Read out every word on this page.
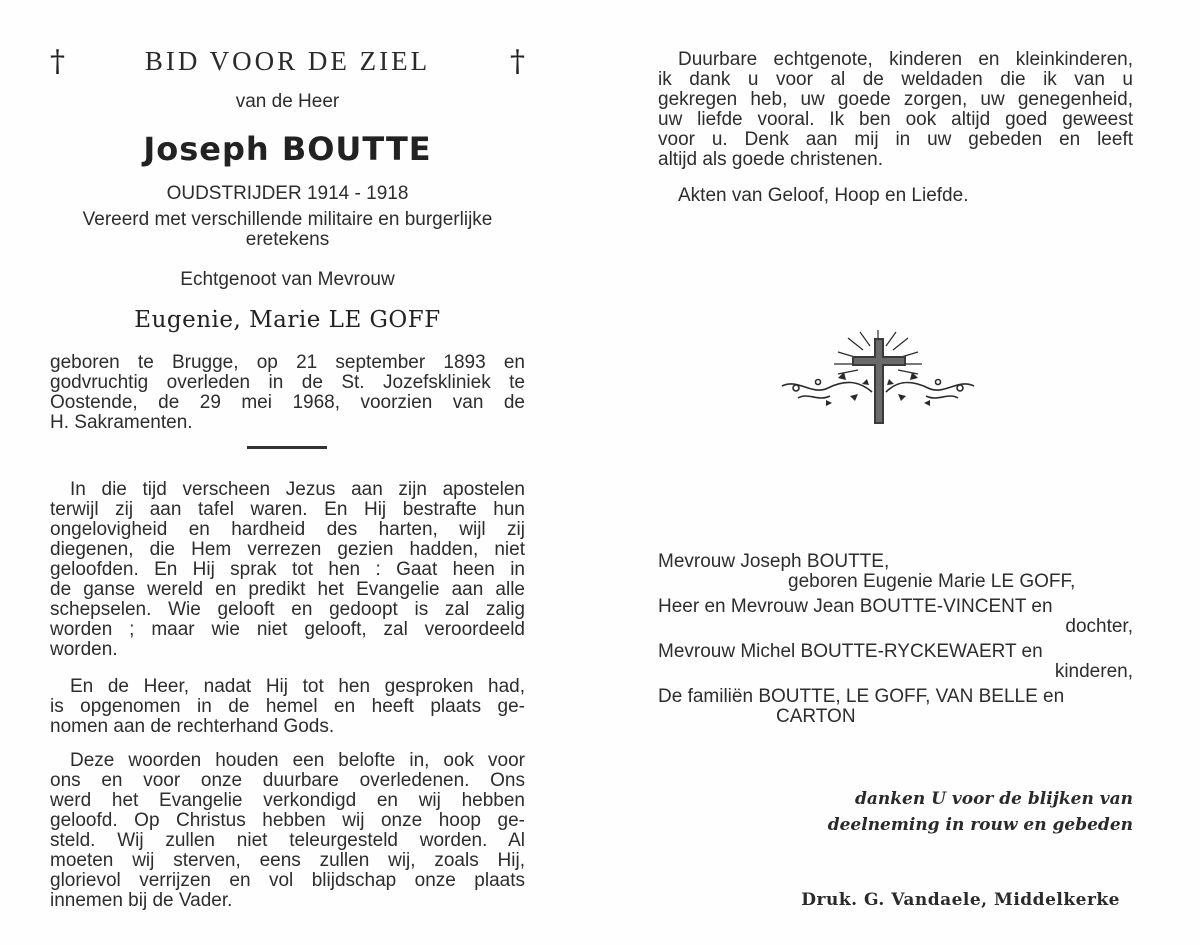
†	BID VOOR DE ZIEL	†
van de Heer
Joseph BOUTTE
OUDSTRIJDER 1914 - 1918
Vereerd met verschillende militaire en burgerlijke
eretekens
Echtgenoot van Mevrouw
Eugenie, Marie LE GOFF
geboren te Brugge, op 21 september 1893 en
godvruchtig overleden in de St. Jozefskliniek te
Oostende, de 29 mei 1968, voorzien van de
H. Sakramenten.
In die tijd verscheen Jezus aan zijn apostelen
terwijl zij aan tafel waren. En Hij bestrafte hun
ongelovigheid en hardheid des harten, wijl zij
diegenen, die Hem verrezen gezien hadden, niet
geloofden. En Hij sprak tot hen : Gaat heen in
de ganse wereld en predikt het Evangelie aan alle
schepselen. Wie gelooft en gedoopt is zal zalig
worden ; maar wie niet gelooft, zal veroordeeld
worden.
En de Heer, nadat Hij tot hen gesproken had,
is opgenomen in de hemel en heeft plaats ge-
nomen aan de rechterhand Gods.
Deze woorden houden een belofte in, ook voor
ons en voor onze duurbare overledenen. Ons
werd het Evangelie verkondigd en wij hebben
geloofd. Op Christus hebben wij onze hoop ge-
steld. Wij zullen niet teleurgesteld worden. Al
moeten wij sterven, eens zullen wij, zoals Hij,
glorievol verrijzen en vol blijdschap onze plaats
innemen bij de Vader.
Duurbare echtgenote, kinderen en kleinkinderen,
ik dank u voor al de weldaden die ik van u
gekregen heb, uw goede zorgen, uw genegenheid,
uw liefde vooral. Ik ben ook altijd goed geweest
voor u. Denk aan mij in uw gebeden en leeft
altijd als goede christenen.
Akten van Geloof, Hoop en Liefde.
Mevrouw Joseph BOUTTE,
geboren Eugenie Marie LE GOFF,
Heer en Mevrouw Jean BOUTTE-VINCENT en
dochter,
Mevrouw Michel BOUTTE-RYCKEWAERT en
kinderen,
De familiën BOUTTE, LE GOFF, VAN BELLE en
CARTON
danken U voor de blijken van
deelneming in rouw en gebeden
Druk. G. Vandaele, Middelkerke
